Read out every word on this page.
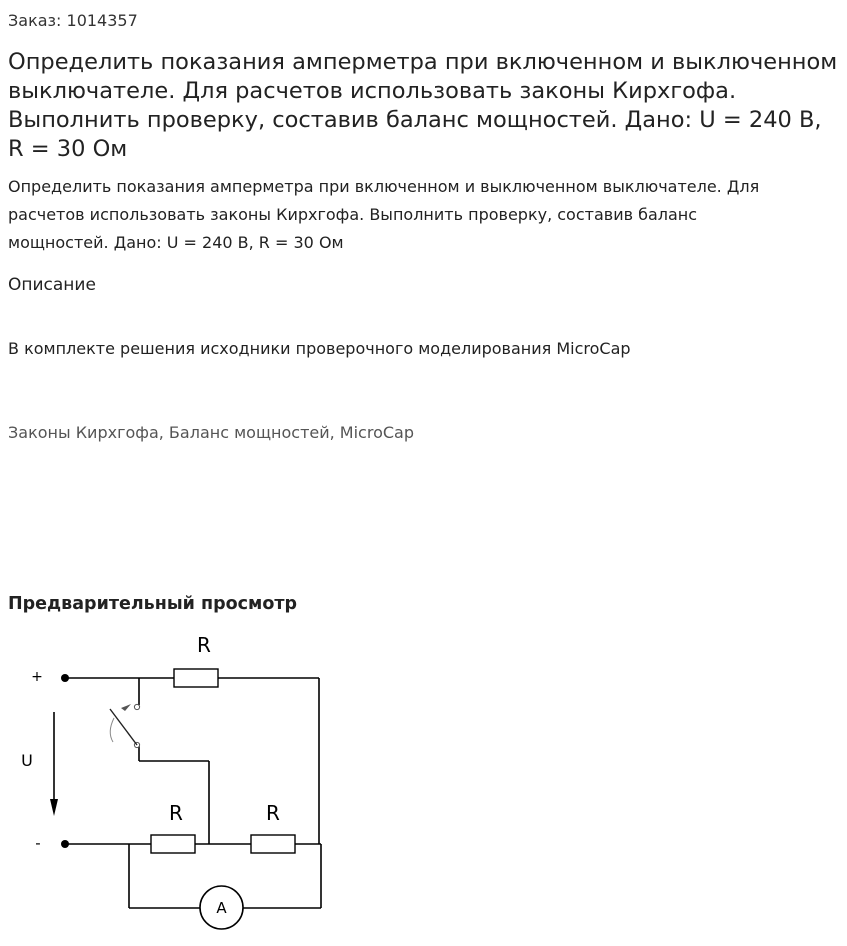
Заказ: 1014357
Определить показания амперметра при включенном и выключенном выключателе. Для расчетов использовать законы Кирхгофа. Выполнить проверку, составив баланс мощностей. Дано: U = 240 В, R = 30 Ом

Определить показания амперметра при включенном и выключенном выключателе. Для расчетов использовать законы Кирхгофа. Выполнить проверку, составив баланс мощностей. Дано: U = 240 В, R = 30 Ом

Описание

В комплекте решения исходники проверочного моделирования MicroCap

Законы Кирхгофа, Баланс мощностей, MicroCap
Предварительный просмотр
R
R	R
+
-
U
A
